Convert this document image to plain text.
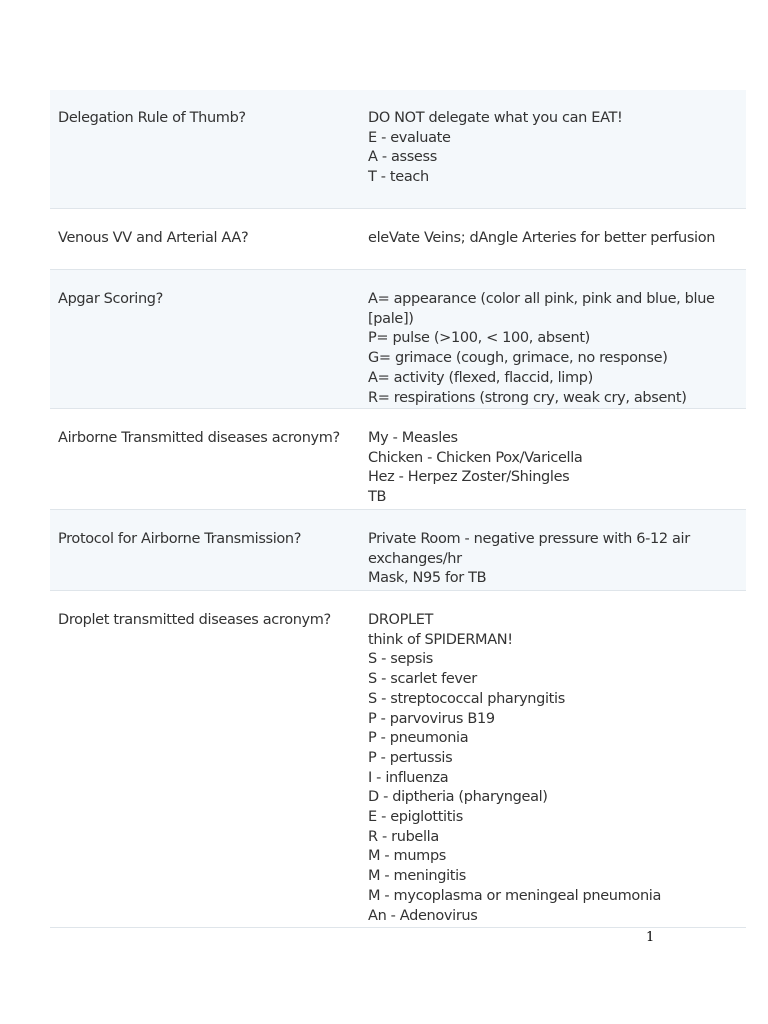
Delegation Rule of Thumb?	DO NOT delegate what you can EAT!
E - evaluate
A - assess
T - teach
Venous VV and Arterial AA?	eleVate Veins; dAngle Arteries for better perfusion
Apgar Scoring?	A= appearance (color all pink, pink and blue, blue [pale])
P= pulse (>100, < 100, absent)
G= grimace (cough, grimace, no response)
A= activity (flexed, flaccid, limp)
R= respirations (strong cry, weak cry, absent)
Airborne Transmitted diseases acronym?	My - Measles
Chicken - Chicken Pox/Varicella
Hez - Herpez Zoster/Shingles
TB
Protocol for Airborne Transmission?	Private Room - negative pressure with 6-12 air exchanges/hr
Mask, N95 for TB
Droplet transmitted diseases acronym?	DROPLET
think of SPIDERMAN!
S - sepsis
S - scarlet fever
S - streptococcal pharyngitis
P - parvovirus B19
P - pneumonia
P - pertussis
I - influenza
D - diptheria (pharyngeal)
E - epiglottitis
R - rubella
M - mumps
M - meningitis
M - mycoplasma or meningeal pneumonia
An - Adenovirus
1
